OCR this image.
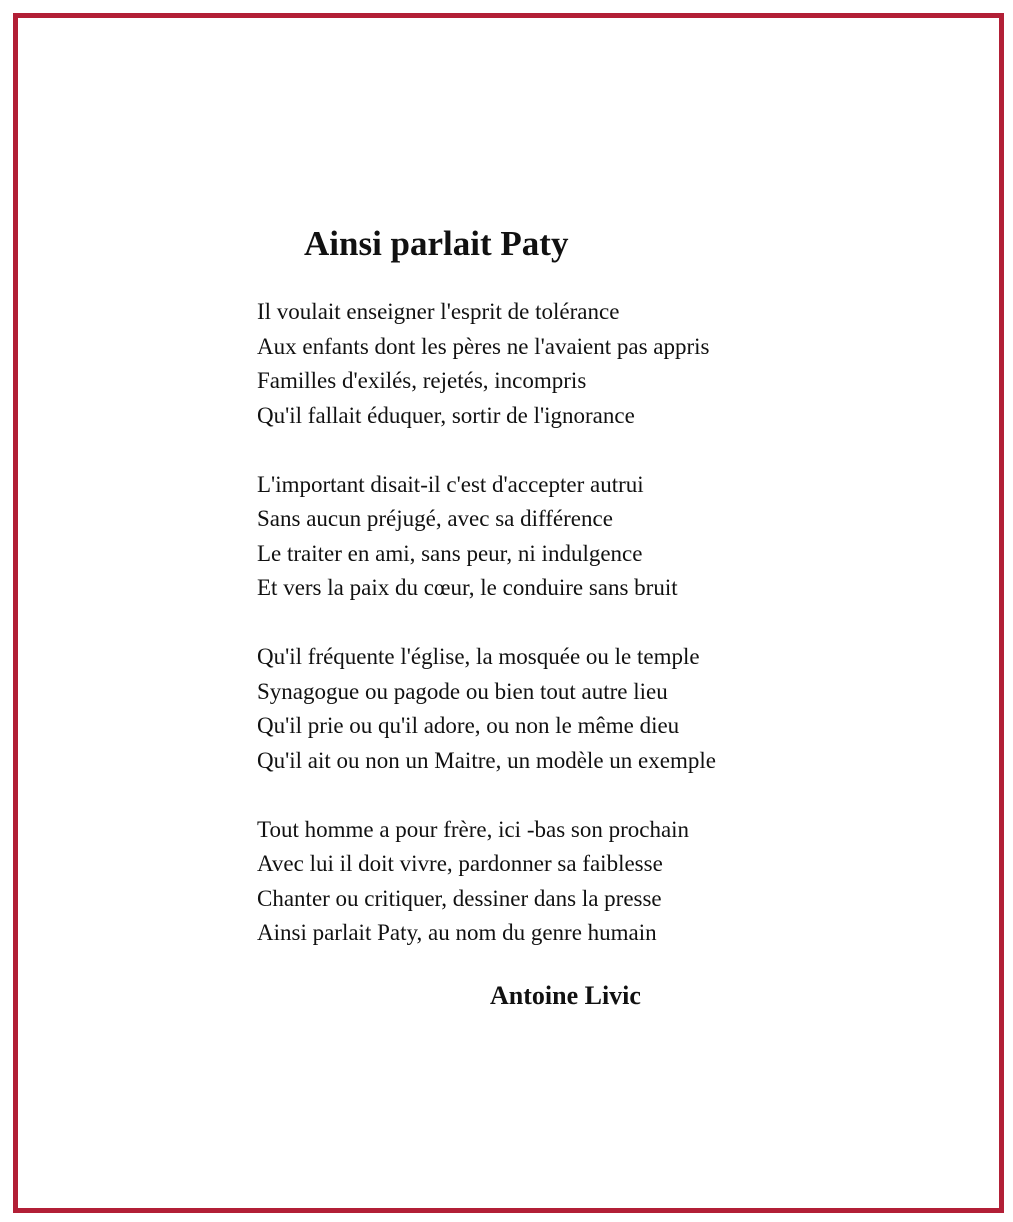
Ainsi parlait Paty
Il voulait enseigner l'esprit de tolérance
Aux enfants dont les pères ne l'avaient pas appris
Familles d'exilés, rejetés, incompris
Qu'il fallait éduquer, sortir de l'ignorance
L'important disait-il c'est d'accepter autrui
Sans aucun préjugé, avec sa différence
Le traiter en ami, sans peur, ni indulgence
Et vers la paix du cœur, le conduire sans bruit
Qu'il fréquente l'église, la mosquée ou le temple
Synagogue ou pagode ou bien tout autre lieu
Qu'il prie ou qu'il adore, ou non le même dieu
Qu'il ait ou non un Maitre, un modèle un exemple
Tout homme a pour frère, ici -bas son prochain
Avec lui il doit vivre, pardonner sa faiblesse
Chanter ou critiquer, dessiner dans la presse
Ainsi parlait Paty, au nom du genre humain

Antoine Livic
